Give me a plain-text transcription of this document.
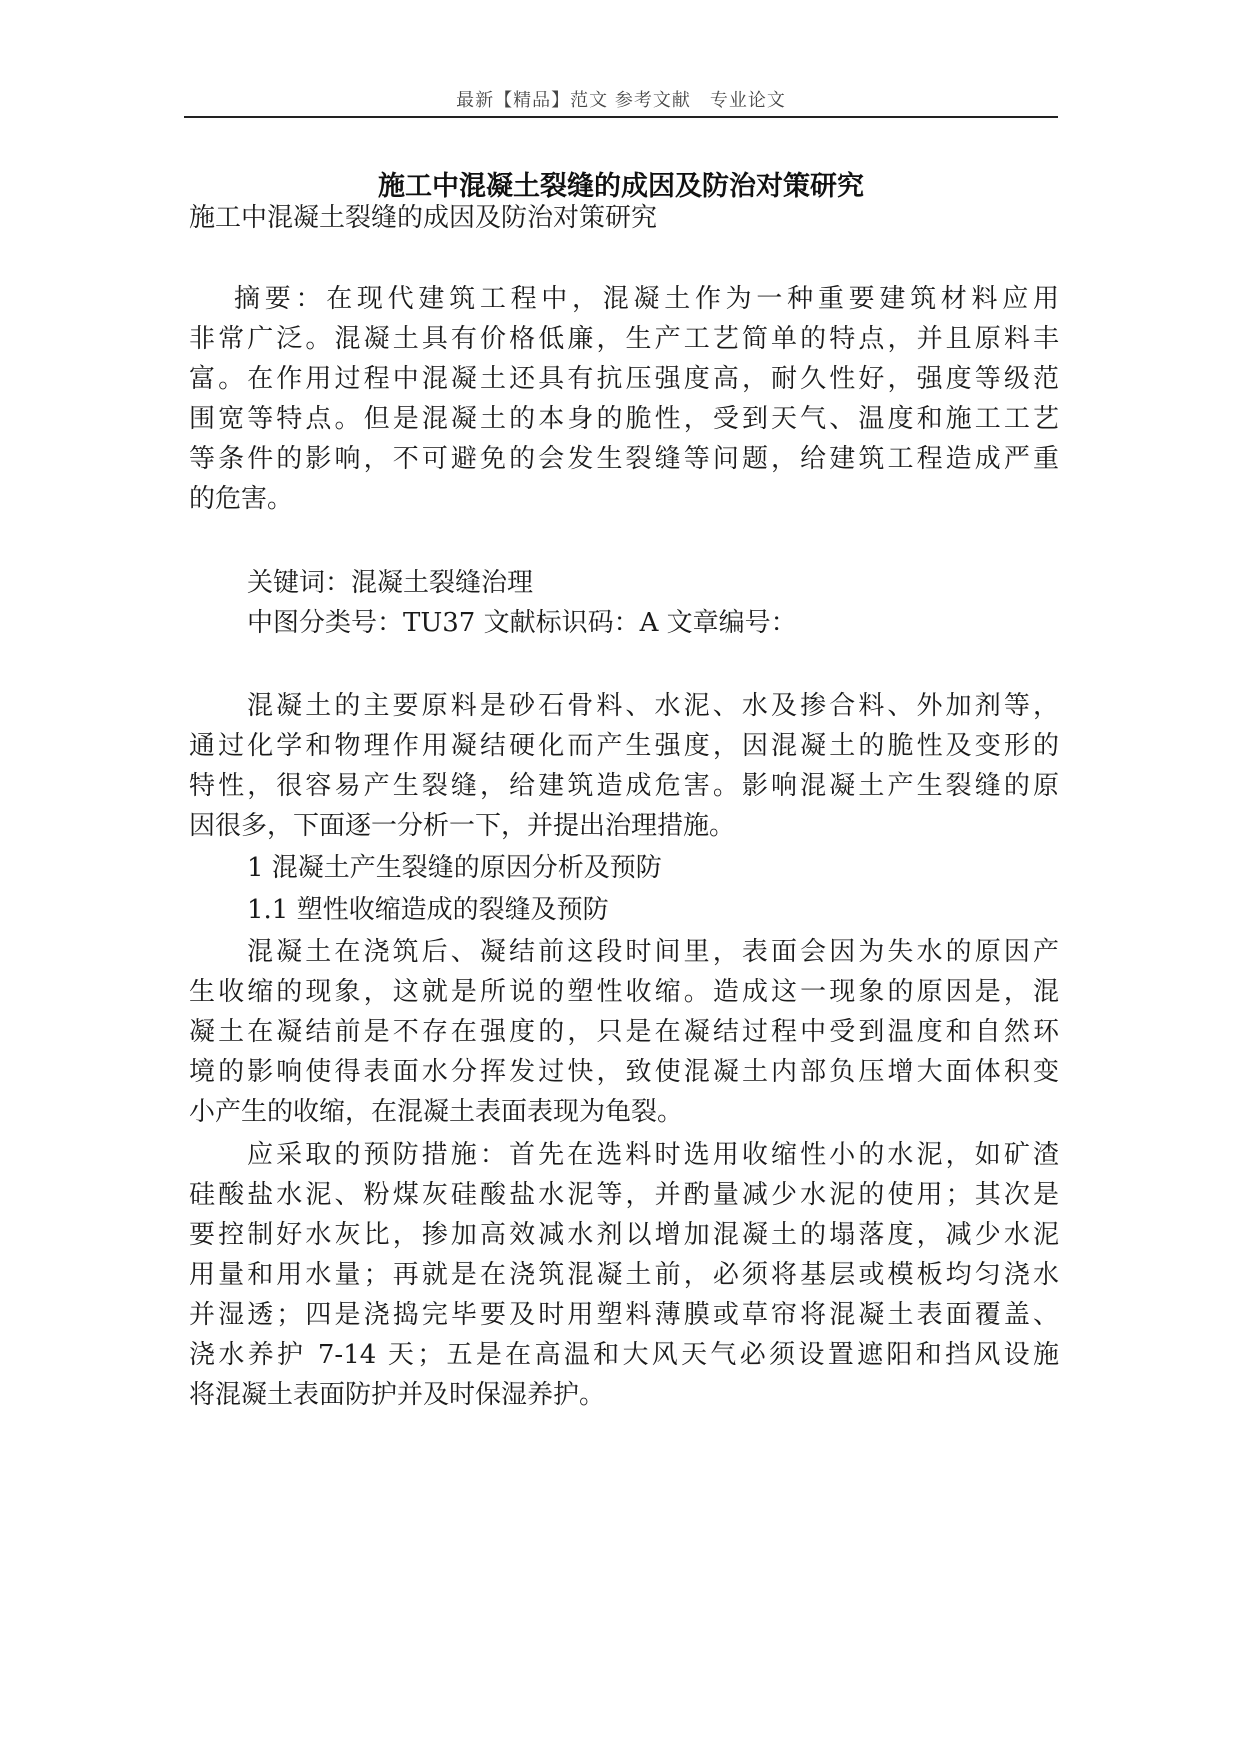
最新【精品】范文 参考文献　专业论文
施工中混凝土裂缝的成因及防治对策研究
施工中混凝土裂缝的成因及防治对策研究
摘要：在现代建筑工程中，混凝土作为一种重要建筑材料应用
非常广泛。混凝土具有价格低廉，生产工艺简单的特点，并且原料丰
富。在作用过程中混凝土还具有抗压强度高，耐久性好，强度等级范
围宽等特点。但是混凝土的本身的脆性，受到天气、温度和施工工艺
等条件的影响，不可避免的会发生裂缝等问题，给建筑工程造成严重
的危害。
关键词：混凝土裂缝治理
中图分类号：TU37 文献标识码：A 文章编号：
混凝土的主要原料是砂石骨料、水泥、水及掺合料、外加剂等，
通过化学和物理作用凝结硬化而产生强度，因混凝土的脆性及变形的
特性，很容易产生裂缝，给建筑造成危害。影响混凝土产生裂缝的原
因很多，下面逐一分析一下，并提出治理措施。
1 混凝土产生裂缝的原因分析及预防
1.1 塑性收缩造成的裂缝及预防
混凝土在浇筑后、凝结前这段时间里，表面会因为失水的原因产
生收缩的现象，这就是所说的塑性收缩。造成这一现象的原因是，混
凝土在凝结前是不存在强度的，只是在凝结过程中受到温度和自然环
境的影响使得表面水分挥发过快，致使混凝土内部负压增大面体积变
小产生的收缩，在混凝土表面表现为龟裂。
应采取的预防措施：首先在选料时选用收缩性小的水泥，如矿渣
硅酸盐水泥、粉煤灰硅酸盐水泥等，并酌量减少水泥的使用；其次是
要控制好水灰比，掺加高效减水剂以增加混凝土的塌落度，减少水泥
用量和用水量；再就是在浇筑混凝土前，必须将基层或模板均匀浇水
并湿透；四是浇捣完毕要及时用塑料薄膜或草帘将混凝土表面覆盖、
浇水养护 7-14 天；五是在高温和大风天气必须设置遮阳和挡风设施
将混凝土表面防护并及时保湿养护。
